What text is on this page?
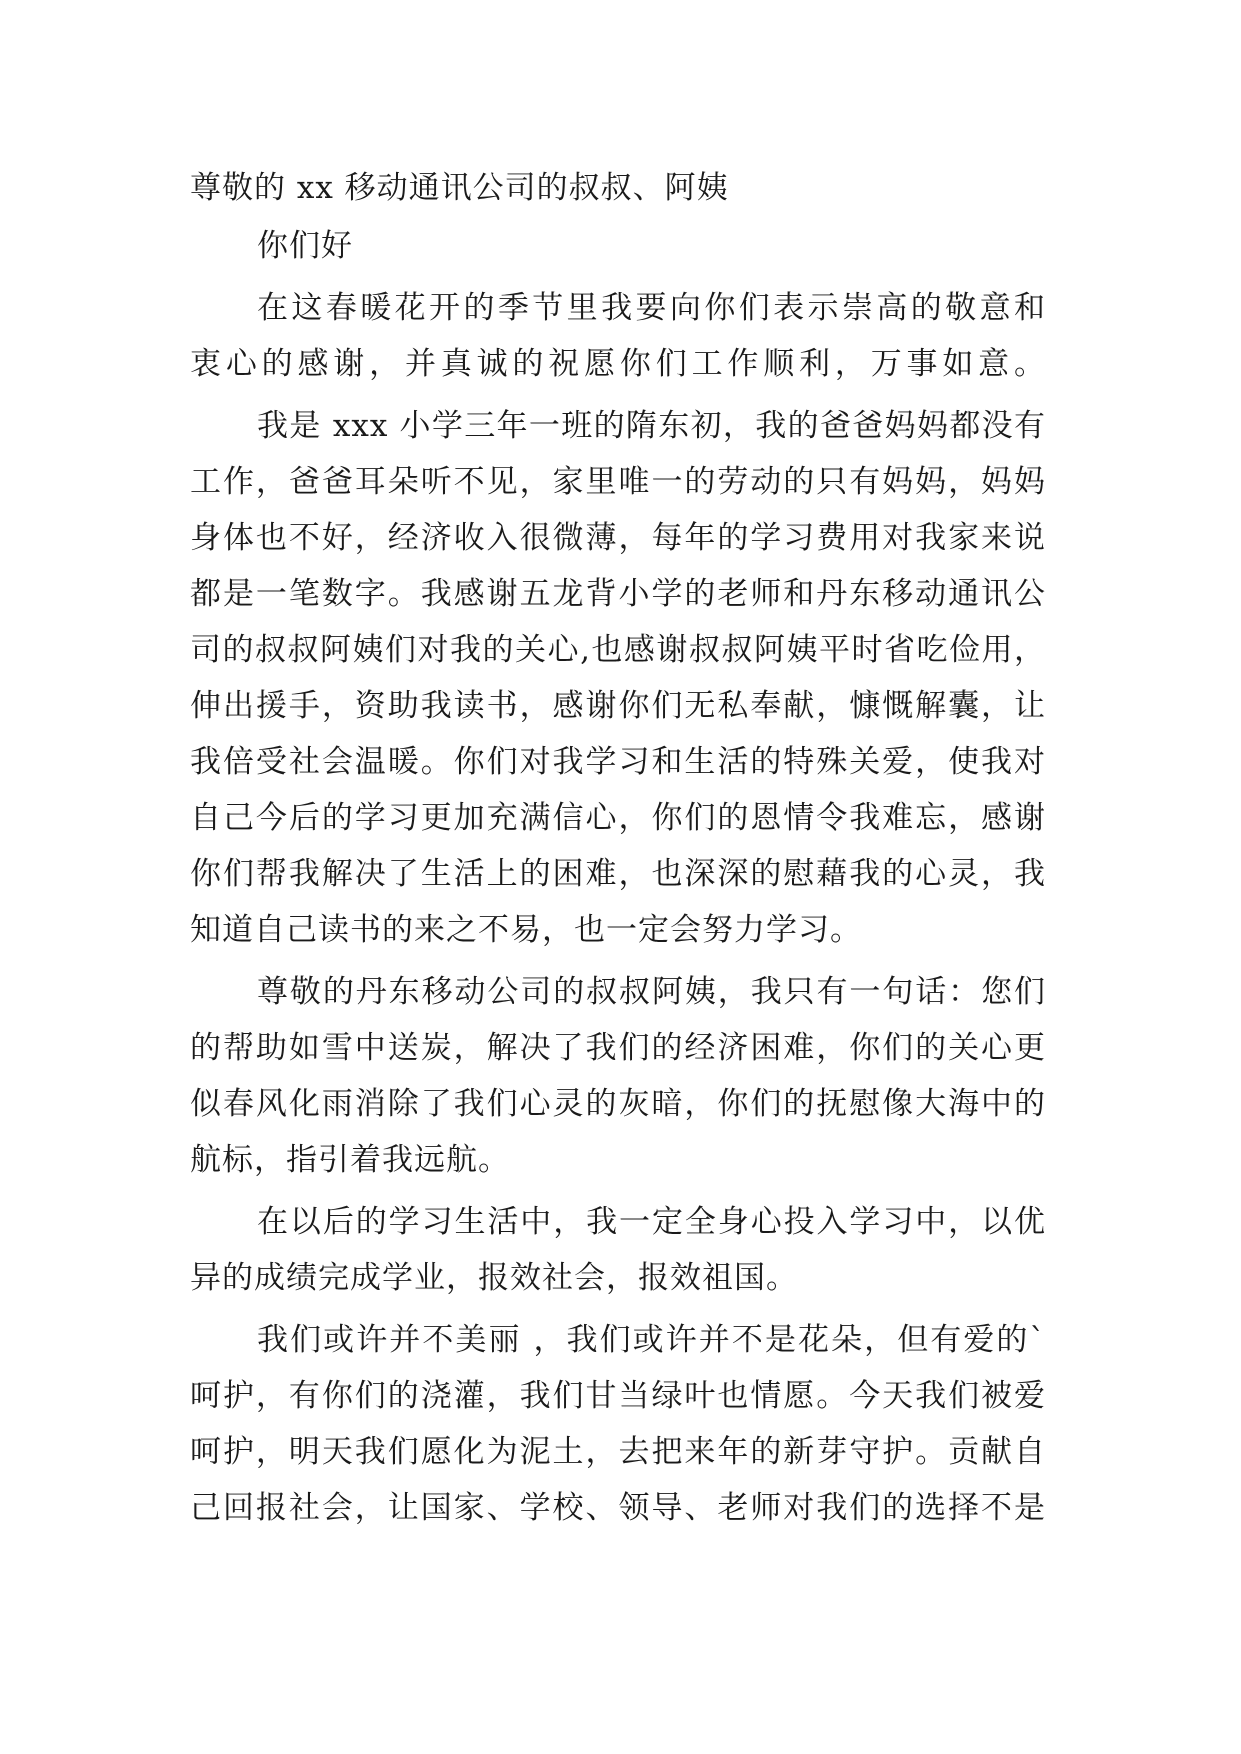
尊敬的 xx 移动通讯公司的叔叔、阿姨
你们好
在这春暖花开的季节里我要向你们表示崇高的敬意和
衷心的感谢，并真诚的祝愿你们工作顺利，万事如意。
我是 xxx 小学三年一班的隋东初，我的爸爸妈妈都没有
工作，爸爸耳朵听不见，家里唯一的劳动的只有妈妈，妈妈
身体也不好，经济收入很微薄，每年的学习费用对我家来说
都是一笔数字。我感谢五龙背小学的老师和丹东移动通讯公
司的叔叔阿姨们对我的关心,也感谢叔叔阿姨平时省吃俭用，
伸出援手，资助我读书，感谢你们无私奉献，慷慨解囊，让
我倍受社会温暖。你们对我学习和生活的特殊关爱，使我对
自己今后的学习更加充满信心，你们的恩情令我难忘，感谢
你们帮我解决了生活上的困难，也深深的慰藉我的心灵，我
知道自己读书的来之不易，也一定会努力学习。
尊敬的丹东移动公司的叔叔阿姨，我只有一句话：您们
的帮助如雪中送炭，解决了我们的经济困难，你们的关心更
似春风化雨消除了我们心灵的灰暗，你们的抚慰像大海中的
航标，指引着我远航。
在以后的学习生活中，我一定全身心投入学习中，以优
异的成绩完成学业，报效社会，报效祖国。
我们或许并不美丽 ，我们或许并不是花朵，但有爱的`
呵护，有你们的浇灌，我们甘当绿叶也情愿。今天我们被爱
呵护，明天我们愿化为泥土，去把来年的新芽守护。贡献自
己回报社会，让国家、学校、领导、老师对我们的选择不是
